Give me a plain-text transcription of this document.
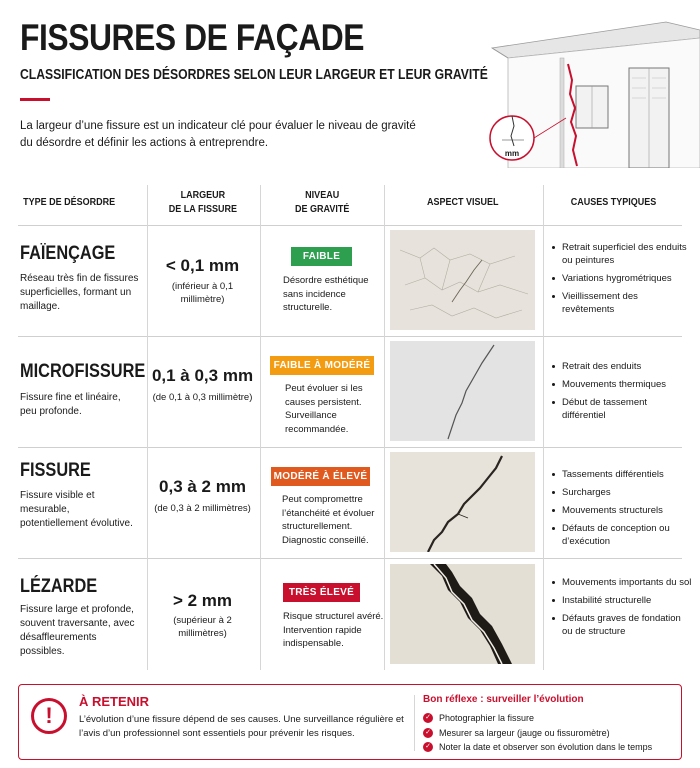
FISSURES DE FAÇADE
CLASSIFICATION DES DÉSORDRES SELON LEUR LARGEUR ET LEUR GRAVITÉ
La largeur d’une fissure est un indicateur clé pour évaluer le niveau de gravité du désordre et définir les actions à entreprendre.
mm
TYPE DE DÉSORDRE
LARGEUR
DE LA FISSURE
NIVEAU
DE GRAVITÉ
ASPECT VISUEL	CAUSES TYPIQUES
FAÏENÇAGE
Réseau très fin de fissures superficielles, formant un maillage.
< 0,1 mm
(inférieur à 0,1 millimètre)
FAIBLE
Désordre esthétique sans incidence structurelle.
Retrait superficiel des enduits ou peintures
Variations hygrométriques
Vieillissement des revêtements
MICROFISSURE
Fissure fine et linéaire, peu profonde.
0,1 à 0,3 mm
(de 0,1 à 0,3 millimètre)
FAIBLE À MODÉRÉ
Peut évoluer si les causes persistent. Surveillance recommandée.
Retrait des enduits
Mouvements thermiques
Début de tassement différentiel
FISSURE
Fissure visible et mesurable, potentiellement évolutive.
0,3 à 2 mm
(de 0,3 à 2 millimètres)
MODÉRÉ À ÉLEVÉ
Peut compromettre l’étanchéité et évoluer structurellement. Diagnostic conseillé.
Tassements différentiels
Surcharges
Mouvements structurels
Défauts de conception ou d’exécution
LÉZARDE
Fissure large et profonde, souvent traversante, avec désaffleurements possibles.
> 2 mm
(supérieur à 2 millimètres)
TRÈS ÉLEVÉ
Risque structurel avéré. Intervention rapide indispensable.
Mouvements importants du sol
Instabilité structurelle
Défauts graves de fondation ou de structure
!
À RETENIR
L’évolution d’une fissure dépend de ses causes. Une surveillance régulière et l’avis d’un professionnel sont essentiels pour prévenir les risques.
Bon réflexe : surveiller l’évolution
✓ Photographier la fissure
✓ Mesurer sa largeur (jauge ou fissuromètre)
✓ Noter la date et observer son évolution dans le temps
